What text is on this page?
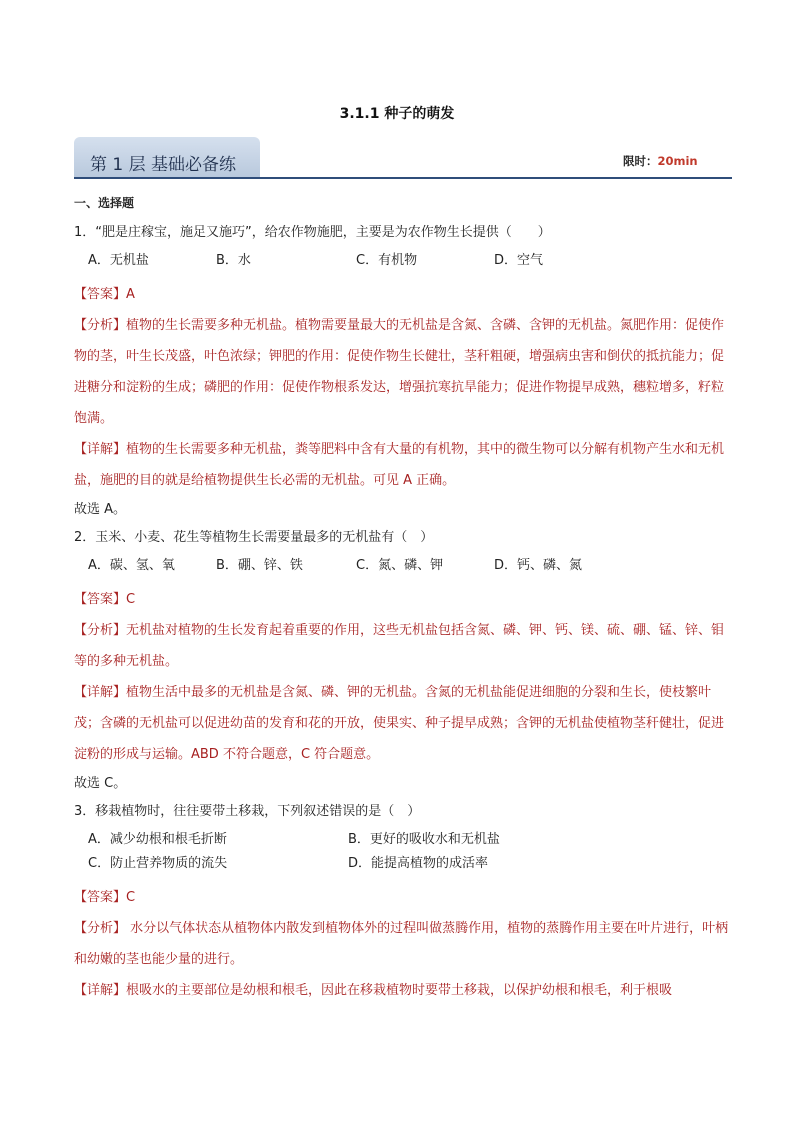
3.1.1 种子的萌发
第 1 层 基础必备练	限时：20min
一、选择题
1．“肥是庄稼宝，施足又施巧”，给农作物施肥，主要是为农作物生长提供（　　）
A．无机盐	B．水	C．有机物	D．空气
【答案】A
【分析】植物的生长需要多种无机盐。植物需要量最大的无机盐是含氮、含磷、含钾的无机盐。氮肥作用：促使作物的茎，叶生长茂盛，叶色浓绿；钾肥的作用：促使作物生长健壮，茎秆粗硬，增强病虫害和倒伏的抵抗能力；促进糖分和淀粉的生成；磷肥的作用：促使作物根系发达，增强抗寒抗旱能力；促进作物提早成熟，穗粒增多，籽粒饱满。
【详解】植物的生长需要多种无机盐，粪等肥料中含有大量的有机物，其中的微生物可以分解有机物产生水和无机盐，施肥的目的就是给植物提供生长必需的无机盐。可见 A 正确。
故选 A。
2．玉米、小麦、花生等植物生长需要量最多的无机盐有（　）
A．碳、氢、氧	B．硼、锌、铁	C．氮、磷、钾	D．钙、磷、氮
【答案】C
【分析】无机盐对植物的生长发育起着重要的作用，这些无机盐包括含氮、磷、钾、钙、镁、硫、硼、锰、锌、钼等的多种无机盐。
【详解】植物生活中最多的无机盐是含氮、磷、钾的无机盐。含氮的无机盐能促进细胞的分裂和生长，使枝繁叶茂；含磷的无机盐可以促进幼苗的发育和花的开放，使果实、种子提早成熟；含钾的无机盐使植物茎秆健壮，促进淀粉的形成与运输。ABD 不符合题意，C 符合题意。
故选 C。
3．移栽植物时，往往要带土移栽，下列叙述错误的是（　）
A．减少幼根和根毛折断	B．更好的吸收水和无机盐
C．防止营养物质的流失	D．能提高植物的成活率
【答案】C
【分析】 水分以气体状态从植物体内散发到植物体外的过程叫做蒸腾作用，植物的蒸腾作用主要在叶片进行，叶柄和幼嫩的茎也能少量的进行。
【详解】根吸水的主要部位是幼根和根毛，因此在移栽植物时要带土移栽，以保护幼根和根毛，利于根吸
